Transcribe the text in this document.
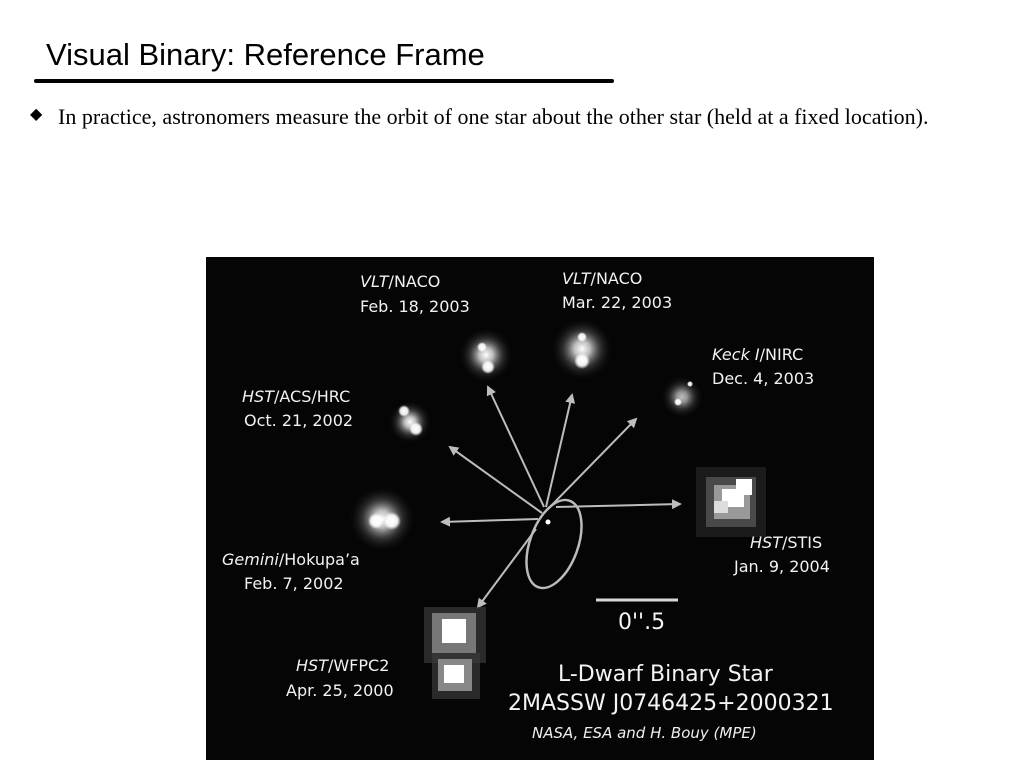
Visual Binary: Reference Frame
◆ In practice, astronomers measure the orbit of one star about the other star (held at a fixed location).
VLT/NACO
Feb. 18, 2003
VLT/NACO
Mar. 22, 2003
Keck I/NIRC
Dec. 4, 2003
HST/ACS/HRC
Oct. 21, 2002
Gemini/Hokupa’a
Feb. 7, 2002
HST/STIS
Jan. 9, 2004
HST/WFPC2
Apr. 25, 2000
0''.5
L-Dwarf Binary Star
2MASSW J0746425+2000321
NASA, ESA and H. Bouy (MPE)
